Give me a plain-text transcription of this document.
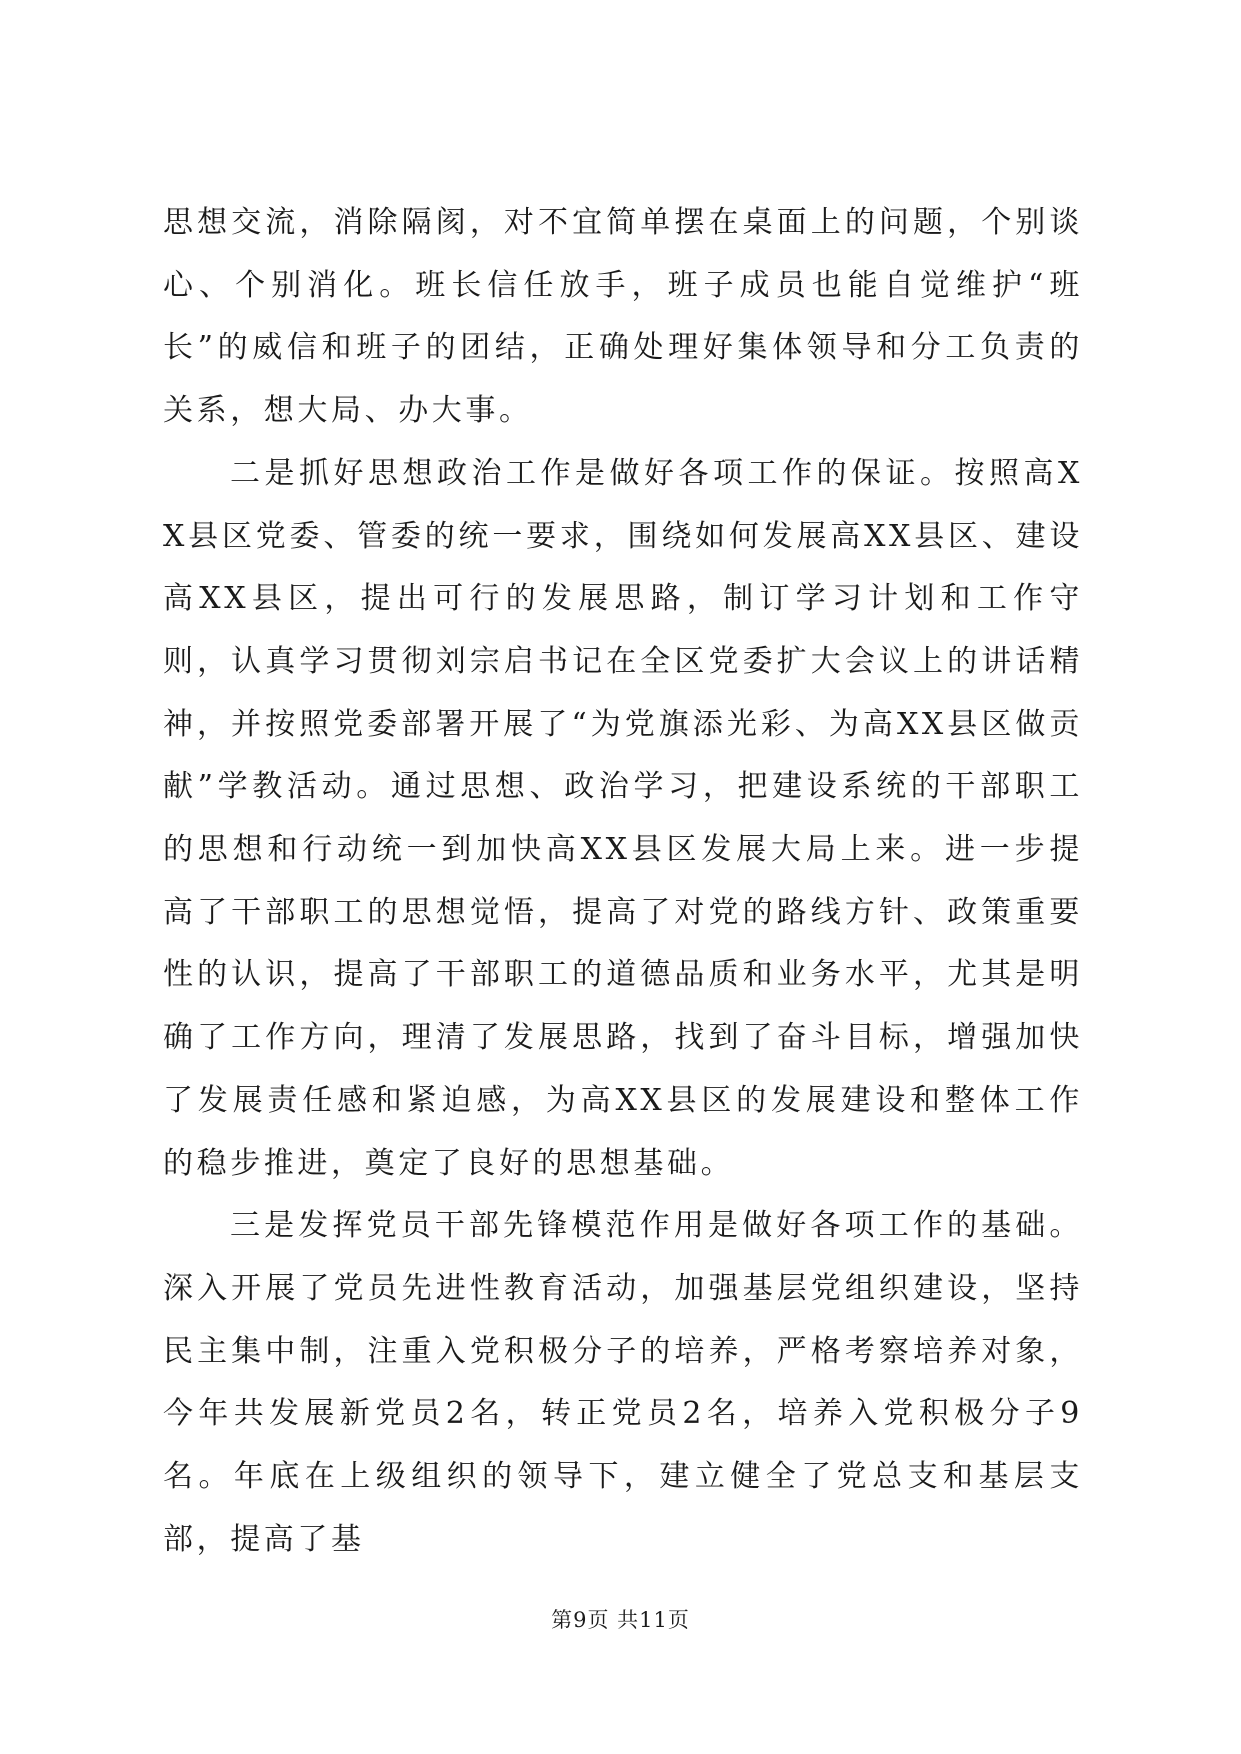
思想交流，消除隔阂，对不宜简单摆在桌面上的问题，个别谈心、个别消化。班长信任放手，班子成员也能自觉维护“班长”的威信和班子的团结，正确处理好集体领导和分工负责的关系，想大局、办大事。

二是抓好思想政治工作是做好各项工作的保证。按照高XX县区党委、管委的统一要求，围绕如何发展高XX县区、建设高XX县区，提出可行的发展思路，制订学习计划和工作守则，认真学习贯彻刘宗启书记在全区党委扩大会议上的讲话精神，并按照党委部署开展了“为党旗添光彩、为高XX县区做贡献”学教活动。通过思想、政治学习，把建设系统的干部职工的思想和行动统一到加快高XX县区发展大局上来。进一步提高了干部职工的思想觉悟，提高了对党的路线方针、政策重要性的认识，提高了干部职工的道德品质和业务水平，尤其是明确了工作方向，理清了发展思路，找到了奋斗目标，增强加快了发展责任感和紧迫感，为高XX县区的发展建设和整体工作的稳步推进，奠定了良好的思想基础。

三是发挥党员干部先锋模范作用是做好各项工作的基础。深入开展了党员先进性教育活动，加强基层党组织建设，坚持民主集中制，注重入党积极分子的培养，严格考察培养对象，今年共发展新党员2名，转正党员2名，培养入党积极分子9名。年底在上级组织的领导下，建立健全了党总支和基层支部，提高了基

第9页 共11页
